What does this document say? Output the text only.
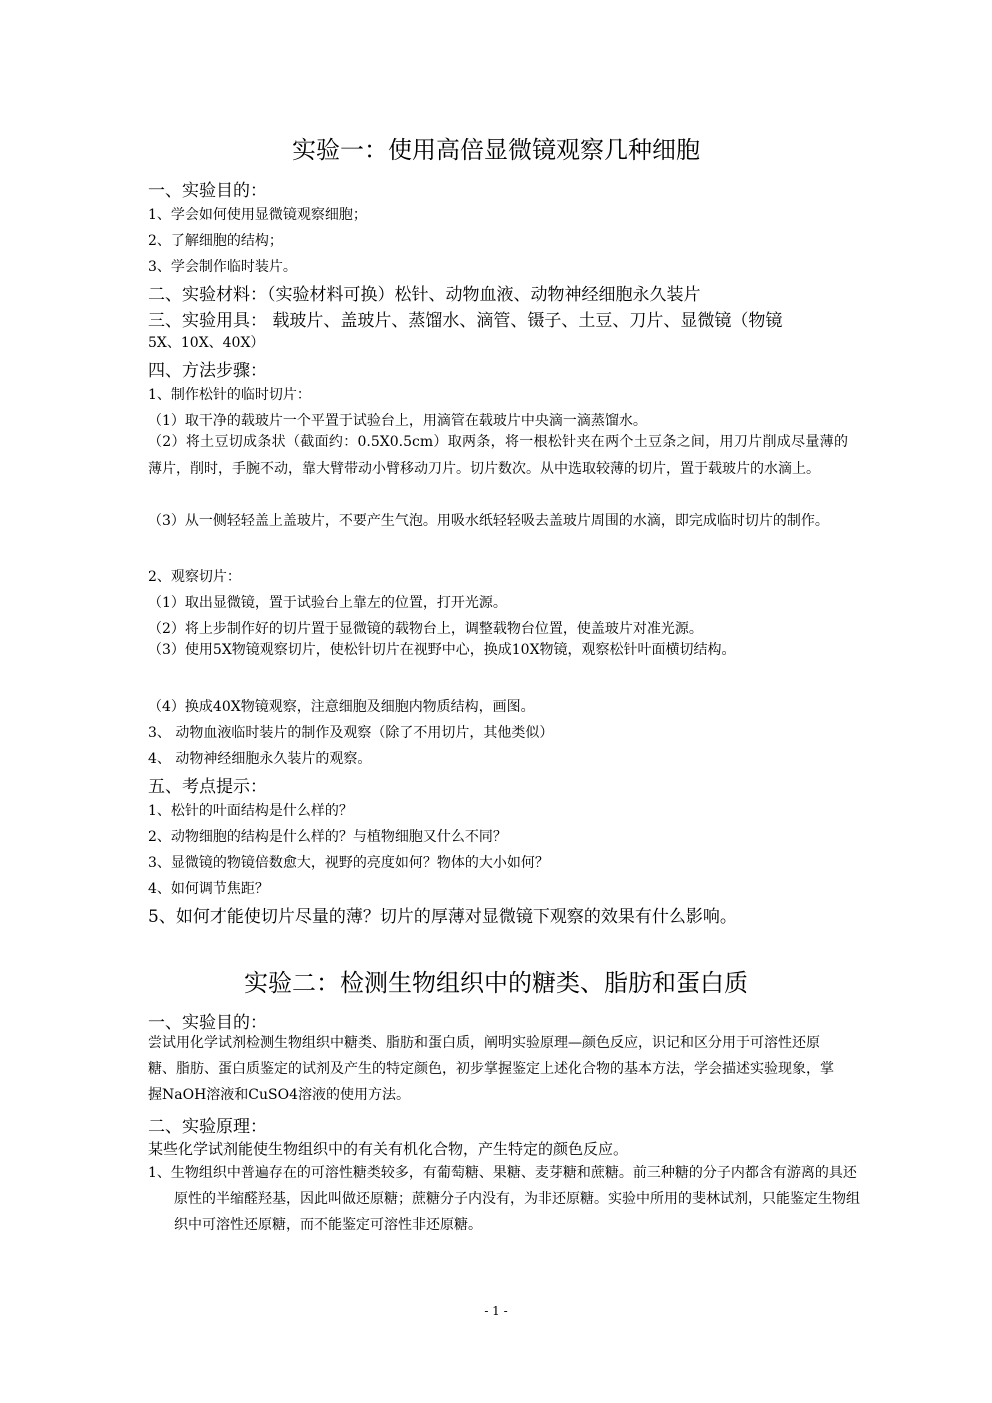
实验一：使用高倍显微镜观察几种细胞
一、实验目的：
1、学会如何使用显微镜观察细胞；
2、了解细胞的结构；
3、学会制作临时装片。
二、实验材料：（实验材料可换）松针、动物血液、动物神经细胞永久装片
三、实验用具： 载玻片、盖玻片、蒸馏水、滴管、镊子、土豆、刀片、显微镜（物镜
5X、10X、40X）
四、方法步骤：
1、制作松针的临时切片：
（1）取干净的载玻片一个平置于试验台上，用滴管在载玻片中央滴一滴蒸馏水。

（2）将土豆切成条状（截面约：0.5X0.5cm）取两条，将一根松针夹在两个土豆条之间，用刀片削成尽量薄的薄片，削时，手腕不动，靠大臂带动小臂移动刀片。切片数次。从中选取较薄的切片，置于载玻片的水滴上。

（3）从一侧轻轻盖上盖玻片，不要产生气泡。用吸水纸轻轻吸去盖玻片周围的水滴，即完成临时切片的制作。

2、观察切片：
（1）取出显微镜，置于试验台上靠左的位置，打开光源。
（2）将上步制作好的切片置于显微镜的载物台上，调整载物台位置，使盖玻片对准光源。

（3）使用5X物镜观察切片，使松针切片在视野中心，换成10X物镜，观察松针叶面横切结构。

（4）换成40X物镜观察，注意细胞及细胞内物质结构，画图。
3、 动物血液临时装片的制作及观察（除了不用切片，其他类似）
4、 动物神经细胞永久装片的观察。
五、考点提示：
1、松针的叶面结构是什么样的？
2、动物细胞的结构是什么样的？与植物细胞又什么不同？
3、显微镜的物镜倍数愈大，视野的亮度如何？物体的大小如何？
4、如何调节焦距？
5、如何才能使切片尽量的薄？切片的厚薄对显微镜下观察的效果有什么影响。
实验二：检测生物组织中的糖类、脂肪和蛋白质
一、实验目的：

尝试用化学试剂检测生物组织中糖类、脂肪和蛋白质，阐明实验原理—颜色反应，识记和区分用于可溶性还原糖、脂肪、蛋白质鉴定的试剂及产生的特定颜色，初步掌握鉴定上述化合物的基本方法，学会描述实验现象，掌握NaOH溶液和CuSO4溶液的使用方法。

二、实验原理：
某些化学试剂能使生物组织中的有关有机化合物，产生特定的颜色反应。

1、生物组织中普遍存在的可溶性糖类较多，有葡萄糖、果糖、麦芽糖和蔗糖。前三种糖的分子内都含有游离的具还原性的半缩醛羟基，因此叫做还原糖；蔗糖分子内没有，为非还原糖。实验中所用的斐林试剂，只能鉴定生物组织中可溶性还原糖，而不能鉴定可溶性非还原糖。

- 1 -
